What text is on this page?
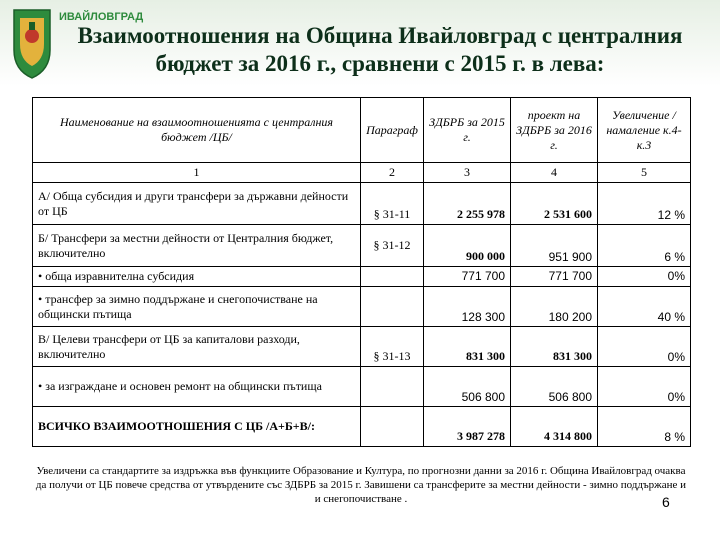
ИВАЙЛОВГРАД
Взаимоотношения на Община Ивайловград с централния
бюджет за 2016 г., сравнени с 2015 г. в лева:
Наименование на взаимоотношенията с централния бюджет /ЦБ/	Параграф	ЗДБРБ за 2015 г.	проект на ЗДБРБ за 2016 г.	Увеличение /намаление к.4-к.3
1	2	3	4	5
А/ Обща субсидия и други трансфери за държавни дейности от ЦБ	§ 31-11	2 255 978	2 531 600	12 %
Б/ Трансфери за местни дейности от Централния бюджет, включително	§ 31-12	900 000	951 900	6 %
• обща изравнителна субсидия		771 700	771 700	0%
• трансфер за зимно поддържане и снегопочистване на общински пътища		128 300	180 200	40 %
В/ Целеви трансфери от ЦБ за капиталови разходи, включително	§ 31-13	831 300	831 300	0%
• за изграждане и основен ремонт на общински пътища		506 800	506 800	0%
ВСИЧКО ВЗАИМООТНОШЕНИЯ С ЦБ /А+Б+В/:		3 987 278	4 314 800	8 %
Увеличени са стандартите за издръжка във функциите Образование и Култура, по прогнозни данни за 2016 г. Община Ивайловград очаква да получи от ЦБ повече средства от утвърдените със ЗДБРБ за 2015 г. Завишени са трансферите за местни дейности - зимно поддържане и и снегопочистване .	6
